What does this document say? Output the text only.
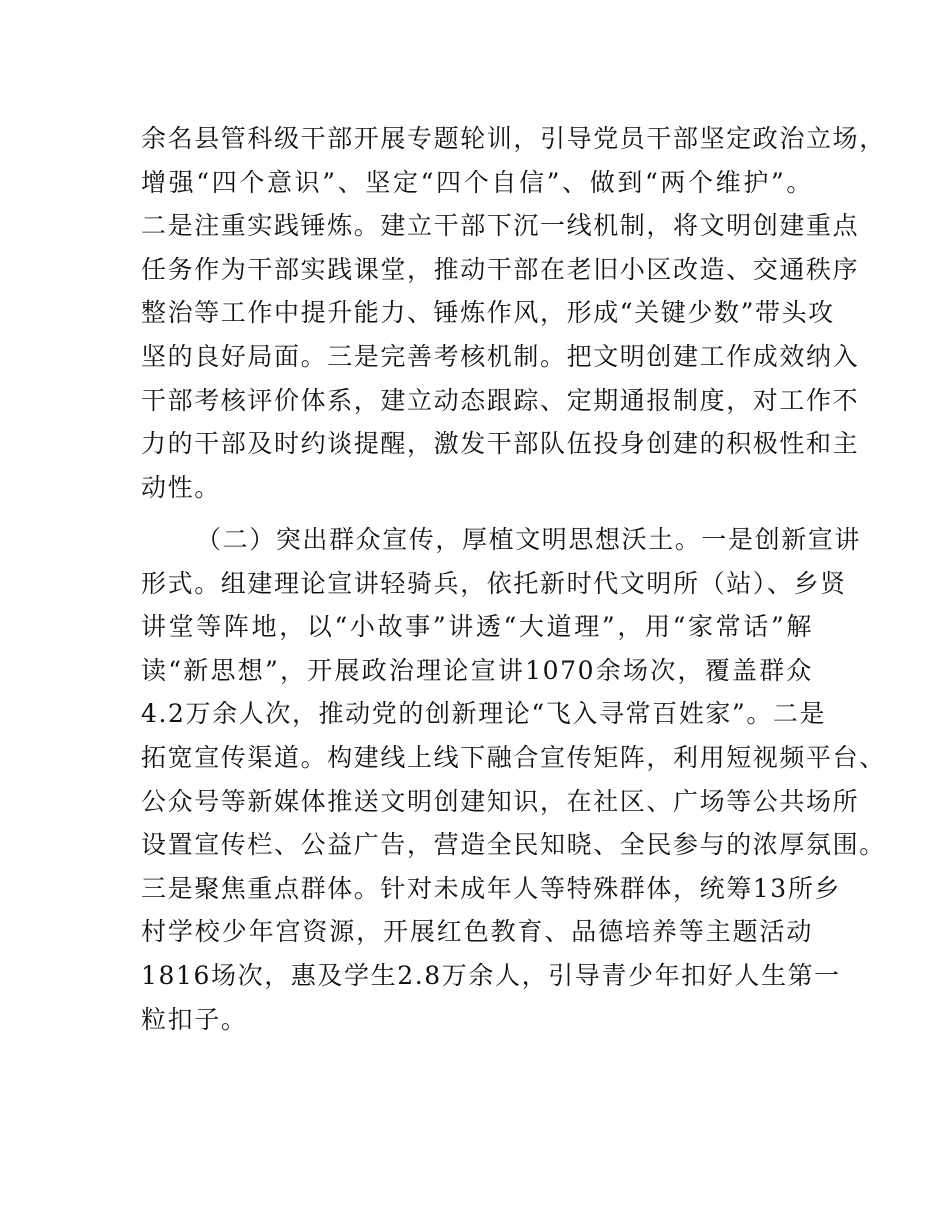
余名县管科级干部开展专题轮训，引导党员干部坚定政治立场，
增强“四个意识”、坚定“四个自信”、做到“两个维护”。
二是注重实践锤炼。建立干部下沉一线机制，将文明创建重点
任务作为干部实践课堂，推动干部在老旧小区改造、交通秩序
整治等工作中提升能力、锤炼作风，形成“关键少数”带头攻
坚的良好局面。三是完善考核机制。把文明创建工作成效纳入
干部考核评价体系，建立动态跟踪、定期通报制度，对工作不
力的干部及时约谈提醒，激发干部队伍投身创建的积极性和主
动性。
（二）突出群众宣传，厚植文明思想沃土。一是创新宣讲
形式。组建理论宣讲轻骑兵，依托新时代文明所（站）、乡贤
讲堂等阵地，以“小故事”讲透“大道理”，用“家常话”解
读“新思想”，开展政治理论宣讲1070余场次，覆盖群众
4.2万余人次，推动党的创新理论“飞入寻常百姓家”。二是
拓宽宣传渠道。构建线上线下融合宣传矩阵，利用短视频平台、
公众号等新媒体推送文明创建知识，在社区、广场等公共场所
设置宣传栏、公益广告，营造全民知晓、全民参与的浓厚氛围。
三是聚焦重点群体。针对未成年人等特殊群体，统筹13所乡
村学校少年宫资源，开展红色教育、品德培养等主题活动
1816场次，惠及学生2.8万余人，引导青少年扣好人生第一
粒扣子。
